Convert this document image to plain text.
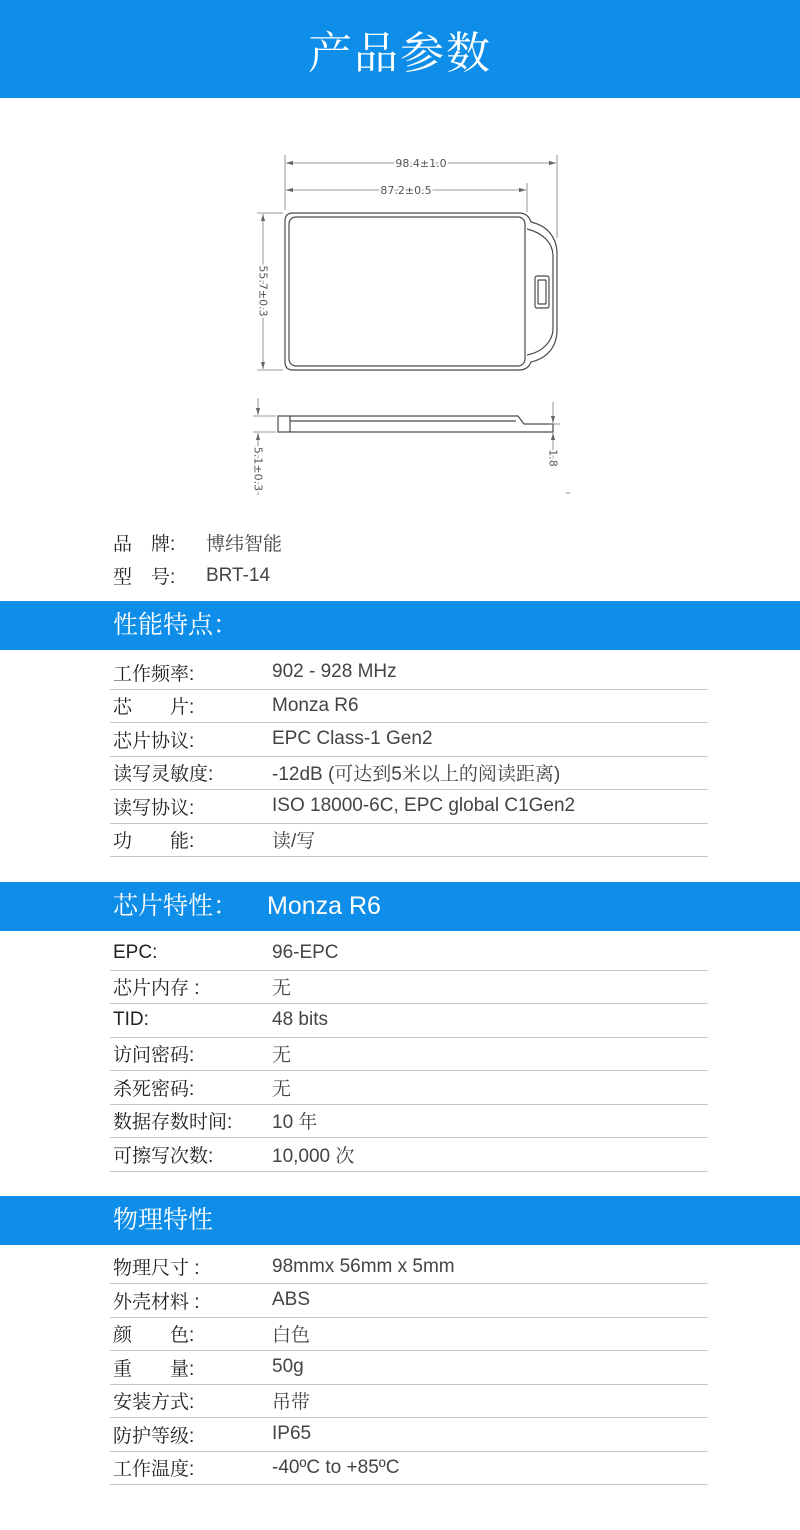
产品参数
98.4±1.0
87.2±0.5
55.7±0.3
5.1±0.3	1.8
品　牌:	博纬智能
型　号:	BRT-14
性能特点：
工作频率:	902 - 928 MHz
芯　　片:	Monza R6
芯片协议:	EPC Class-1 Gen2
读写灵敏度:	-12dB (可达到5米以上的阅读距离)
读写协议:	ISO 18000-6C, EPC global C1Gen2
功　　能:	读/写
芯片特性： Monza R6
EPC:	96-EPC
芯片内存 :	无
TID:	48 bits
访问密码:	无
杀死密码:	无
数据存数时间:	10 年
可擦写次数:	10,000 次
物理特性
物理尺寸 :	98mmx 56mm x 5mm
外壳材料 :	ABS
颜　　色:	白色
重　　量:	50g
安装方式:	吊带
防护等级:	IP65
工作温度:	-40ºC to +85ºC
